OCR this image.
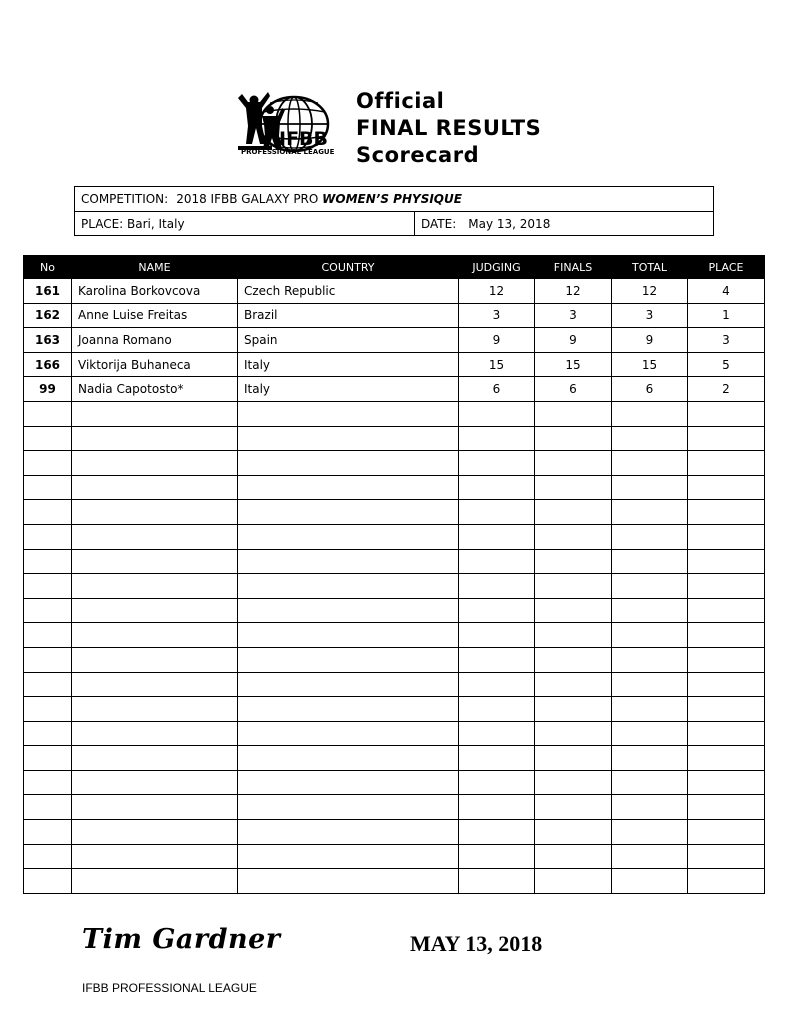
IFBB
PROFESSIONAL LEAGUE
Official
FINAL RESULTS
Scorecard
COMPETITION: 2018 IFBB GALAXY PRO WOMEN’S PHYSIQUE
PLACE: Bari, Italy	DATE: May 13, 2018
No	NAME	COUNTRY	JUDGING	FINALS	TOTAL	PLACE
161	Karolina Borkovcova	Czech Republic	12	12	12	4
162	Anne Luise Freitas	Brazil	3	3	3	1
163	Joanna Romano	Spain	9	9	9	3
166	Viktorija Buhaneca	Italy	15	15	15	5
99	Nadia Capotosto*	Italy	6	6	6	2

Tim Gardner	MAY 13, 2018
IFBB PROFESSIONAL LEAGUE
